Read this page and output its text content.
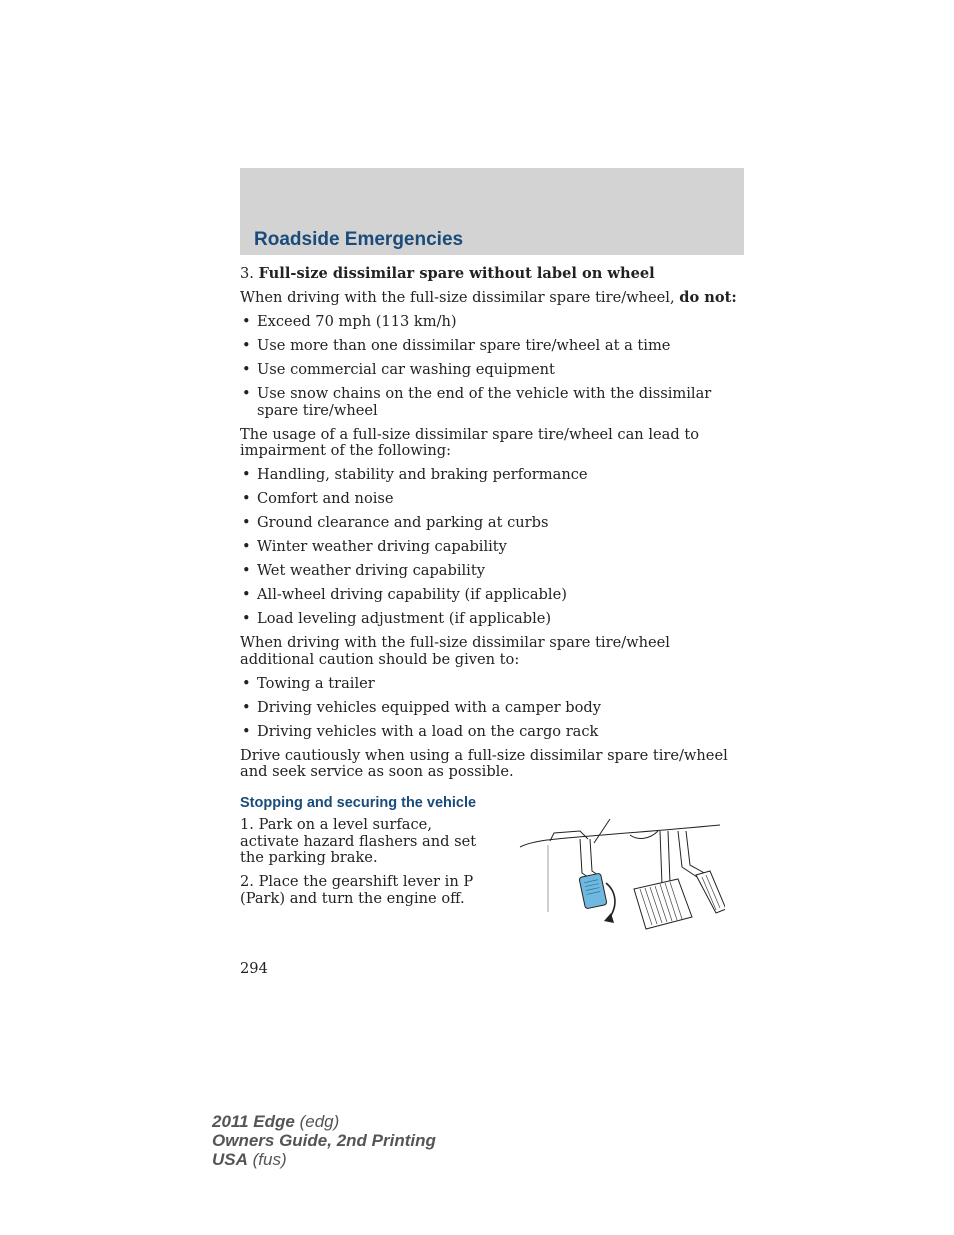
Roadside Emergencies

3. Full-size dissimilar spare without label on wheel

When driving with the full-size dissimilar spare tire/wheel, do not:

• Exceed 70 mph (113 km/h)
• Use more than one dissimilar spare tire/wheel at a time
• Use commercial car washing equipment
• Use snow chains on the end of the vehicle with the dissimilar spare tire/wheel

The usage of a full-size dissimilar spare tire/wheel can lead to impairment of the following:

• Handling, stability and braking performance
• Comfort and noise
• Ground clearance and parking at curbs
• Winter weather driving capability
• Wet weather driving capability
• All-wheel driving capability (if applicable)
• Load leveling adjustment (if applicable)

When driving with the full-size dissimilar spare tire/wheel additional caution should be given to:

• Towing a trailer
• Driving vehicles equipped with a camper body
• Driving vehicles with a load on the cargo rack

Drive cautiously when using a full-size dissimilar spare tire/wheel and seek service as soon as possible.

Stopping and securing the vehicle

1. Park on a level surface, activate hazard flashers and set the parking brake.

2. Place the gearshift lever in P (Park) and turn the engine off.

294
2011 Edge (edg)
Owners Guide, 2nd Printing
USA (fus)
